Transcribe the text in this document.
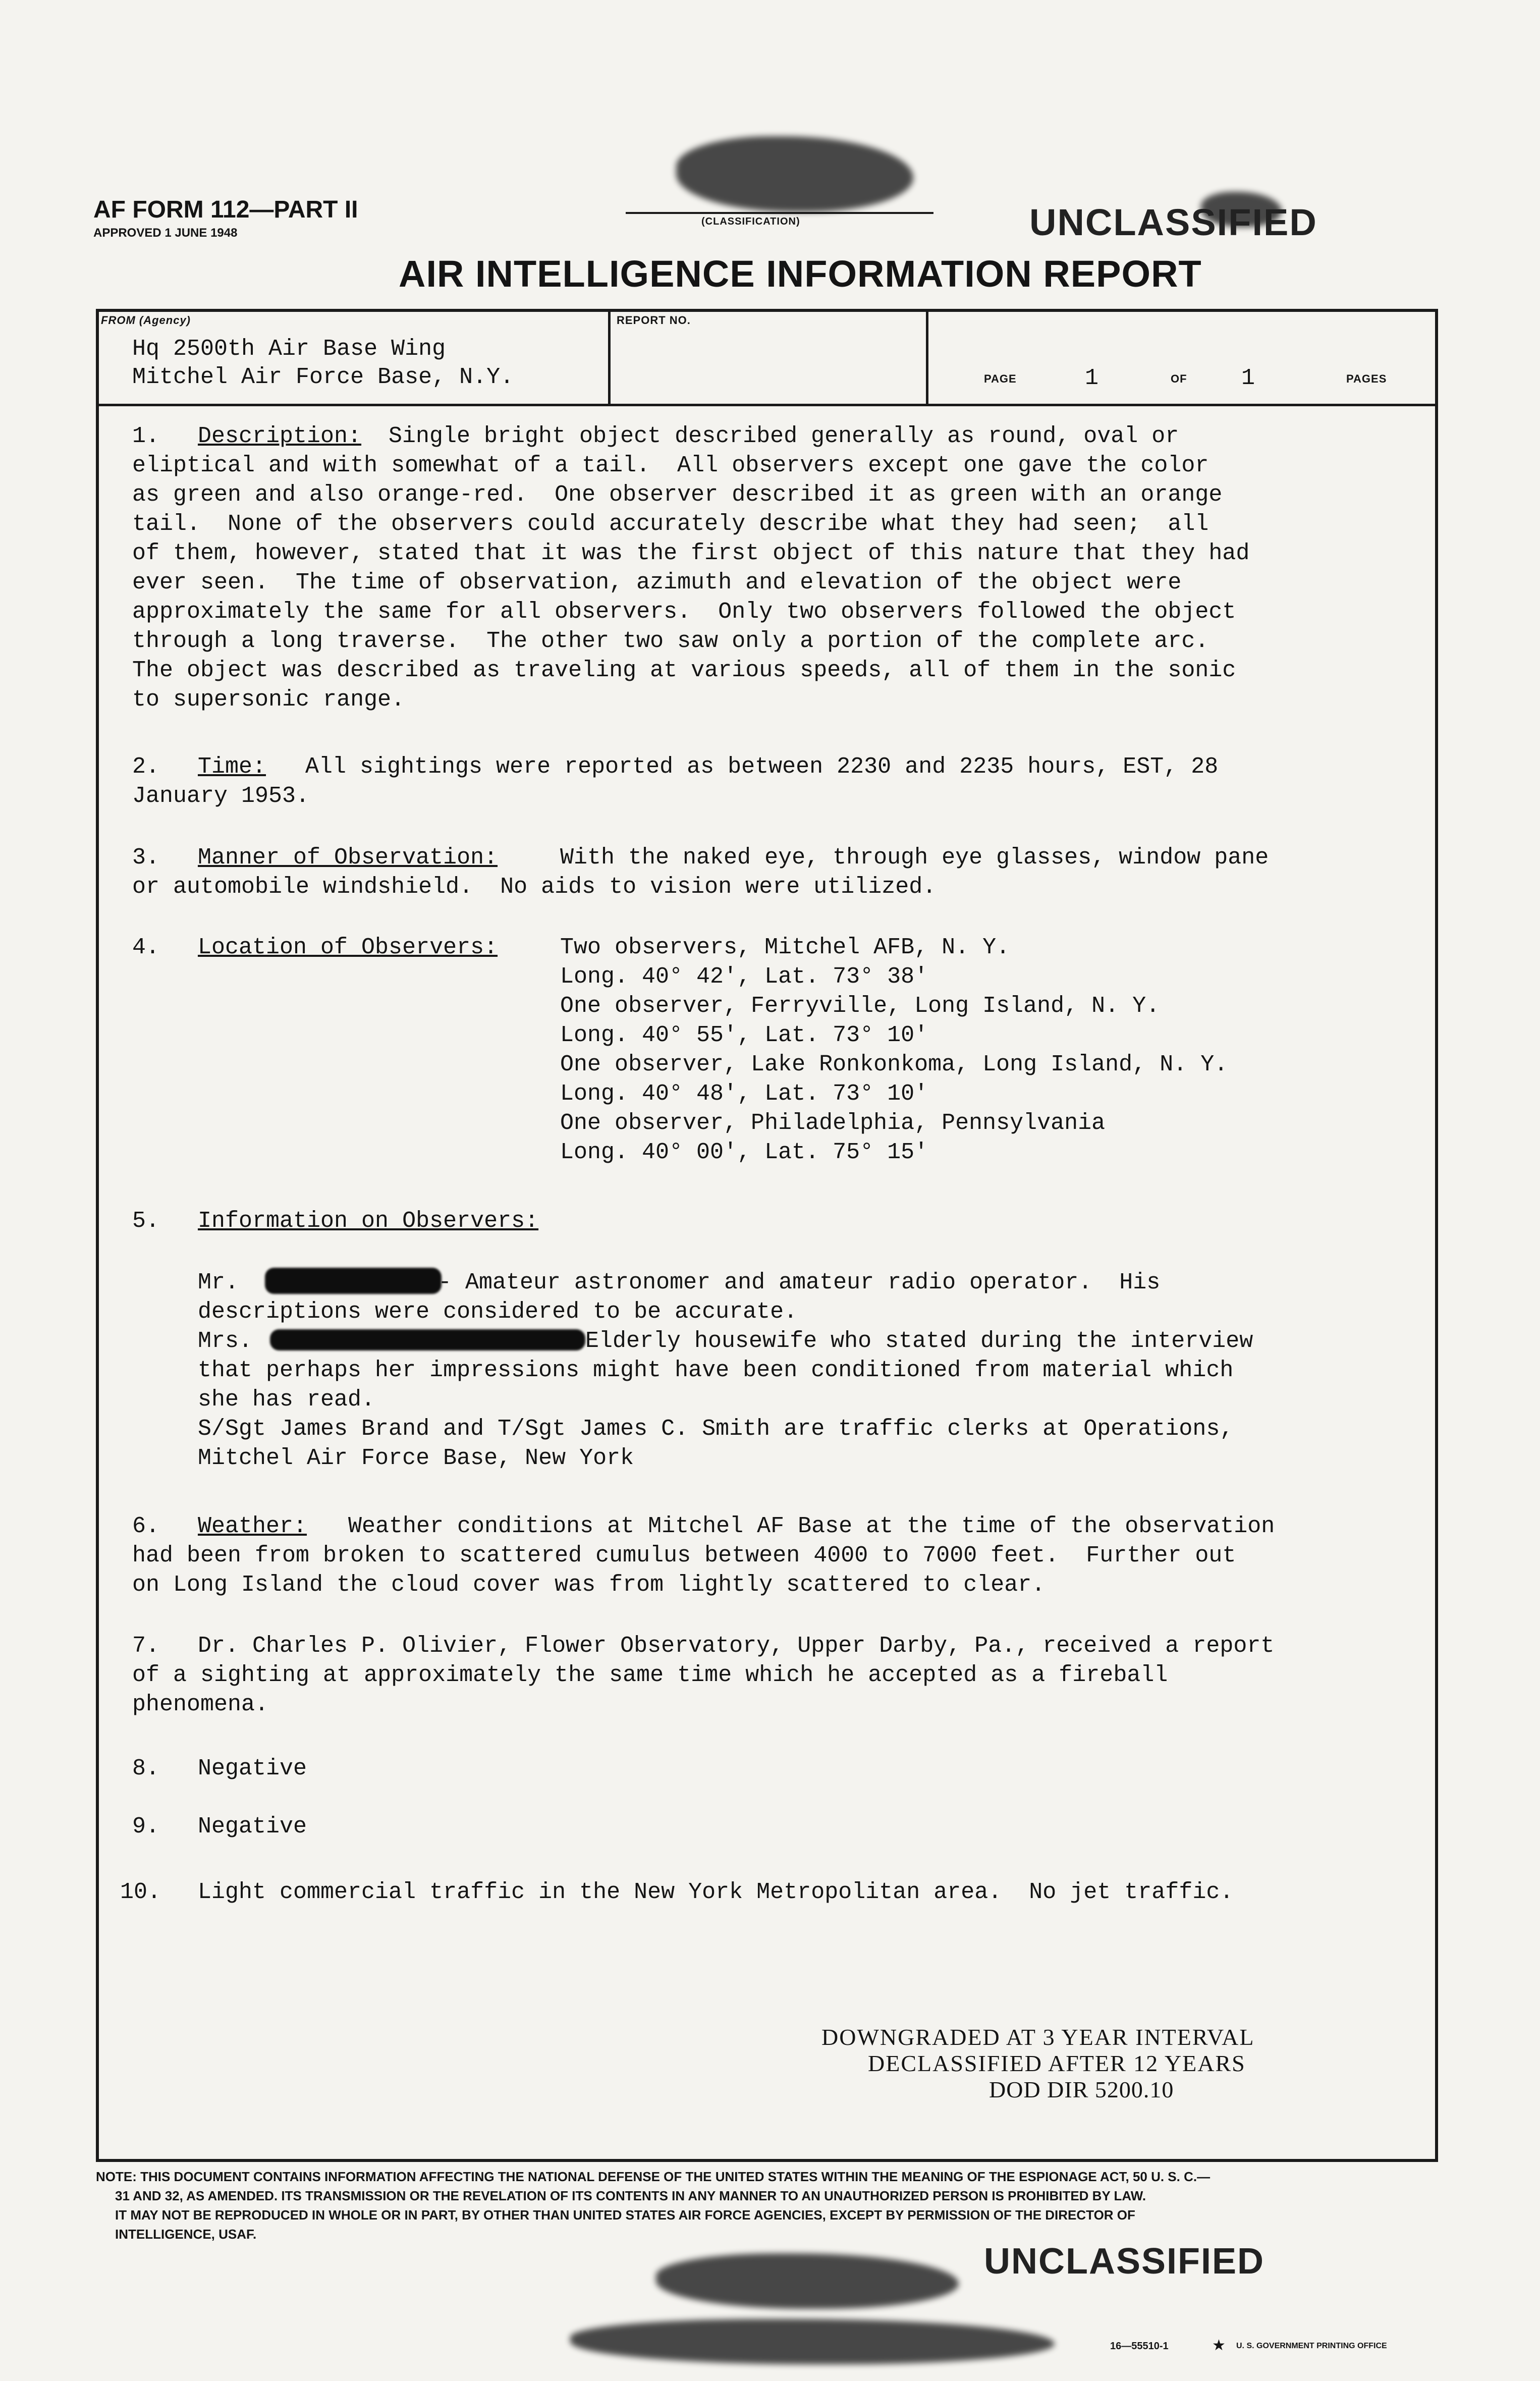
AF FORM 112—PART II
APPROVED 1 JUNE 1948
(CLASSIFICATION)	UNCLASSIFIED
AIR INTELLIGENCE INFORMATION REPORT
FROM (Agency)
Hq 2500th Air Base Wing
Mitchel Air Force Base, N.Y.
REPORT NO.
PAGE	1	OF 1	PAGES
1. Description: Single bright object described generally as round, oval or
eliptical and with somewhat of a tail.  All observers except one gave the color
as green and also orange-red.  One observer described it as green with an orange
tail.  None of the observers could accurately describe what they had seen;  all
of them, however, stated that it was the first object of this nature that they had
ever seen.  The time of observation, azimuth and elevation of the object were
approximately the same for all observers.  Only two observers followed the object
through a long traverse.  The other two saw only a portion of the complete arc.
The object was described as traveling at various speeds, all of them in the sonic
to supersonic range.
2. Time: All sightings were reported as between 2230 and 2235 hours, EST, 28
January 1953.
3. Manner of Observation:	With the naked eye, through eye glasses, window pane
or automobile windshield.  No aids to vision were utilized.
4. Location of Observers:	Two observers, Mitchel AFB, N. Y.
Long. 40° 42', Lat. 73° 38'
One observer, Ferryville, Long Island, N. Y.
Long. 40° 55', Lat. 73° 10'
One observer, Lake Ronkonkoma, Long Island, N. Y.
Long. 40° 48', Lat. 73° 10'
One observer, Philadelphia, Pennsylvania
Long. 40° 00', Lat. 75° 15'
5. Information on Observers:
Mr.	- Amateur astronomer and amateur radio operator.  His
descriptions were considered to be accurate.
Mrs.	Elderly housewife who stated during the interview
that perhaps her impressions might have been conditioned from material which
she has read.
S/Sgt James Brand and T/Sgt James C. Smith are traffic clerks at Operations,
Mitchel Air Force Base, New York
6. Weather: Weather conditions at Mitchel AF Base at the time of the observation
had been from broken to scattered cumulus between 4000 to 7000 feet.  Further out
on Long Island the cloud cover was from lightly scattered to clear.
7. Dr. Charles P. Olivier, Flower Observatory, Upper Darby, Pa., received a report
of a sighting at approximately the same time which he accepted as a fireball
phenomena.
8. Negative
9. Negative
10. Light commercial traffic in the New York Metropolitan area.  No jet traffic.
DOWNGRADED AT 3 YEAR INTERVAL
DECLASSIFIED AFTER 12 YEARS
DOD DIR 5200.10
NOTE: THIS DOCUMENT CONTAINS INFORMATION AFFECTING THE NATIONAL DEFENSE OF THE UNITED STATES WITHIN THE MEANING OF THE ESPIONAGE ACT, 50 U. S. C.—
31 AND 32, AS AMENDED. ITS TRANSMISSION OR THE REVELATION OF ITS CONTENTS IN ANY MANNER TO AN UNAUTHORIZED PERSON IS PROHIBITED BY LAW.
IT MAY NOT BE REPRODUCED IN WHOLE OR IN PART, BY OTHER THAN UNITED STATES AIR FORCE AGENCIES, EXCEPT BY PERMISSION OF THE DIRECTOR OF
INTELLIGENCE, USAF.
UNCLASSIFIED
16—55510-1	★ U. S. GOVERNMENT PRINTING OFFICE
